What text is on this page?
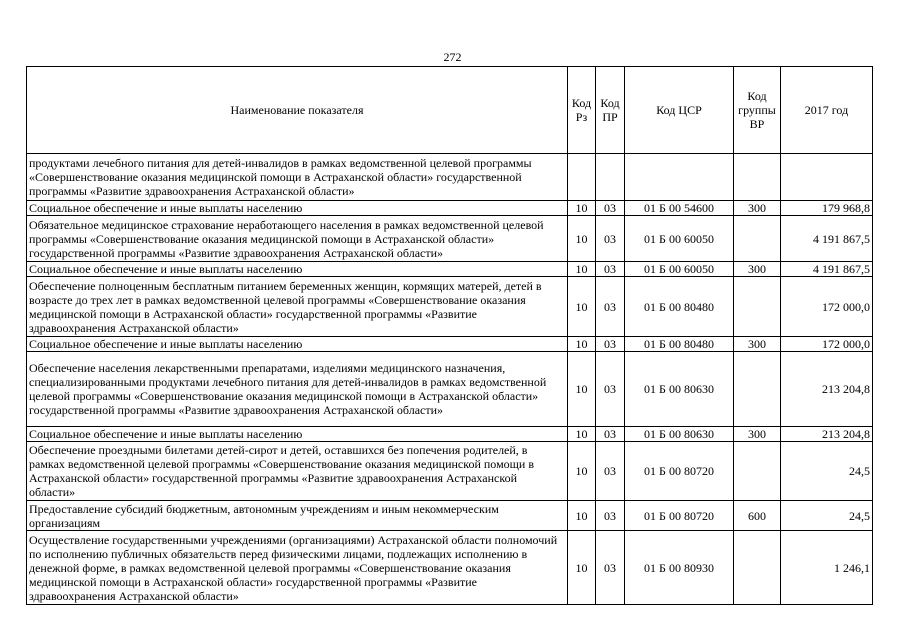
272
Наименование показателя	Код Рз	Код ПР	Код ЦСР	Код группы ВР	2017 год
продуктами лечебного питания для детей-инвалидов в рамках ведомственной целевой программы «Совершенствование оказания медицинской помощи в Астраханской области» государственной программы «Развитие здравоохранения Астраханской области»					
Социальное обеспечение и иные выплаты населению	10	03	01 Б 00 54600	300	179 968,8
Обязательное медицинское страхование неработающего населения в рамках ведомственной целевой программы «Совершенствование оказания медицинской помощи в Астраханской области» государственной программы «Развитие здравоохранения Астраханской области»	10	03	01 Б 00 60050		4 191 867,5
Социальное обеспечение и иные выплаты населению	10	03	01 Б 00 60050	300	4 191 867,5
Обеспечение полноценным бесплатным питанием беременных женщин, кормящих матерей, детей в возрасте до трех лет в рамках ведомственной целевой программы «Совершенствование оказания медицинской помощи в Астраханской области» государственной программы «Развитие здравоохранения Астраханской области»	10	03	01 Б 00 80480		172 000,0
Социальное обеспечение и иные выплаты населению	10	03	01 Б 00 80480	300	172 000,0
Обеспечение населения лекарственными препаратами, изделиями медицинского назначения, специализированными продуктами лечебного питания для детей-инвалидов в рамках ведомственной целевой программы «Совершенствование оказания медицинской помощи в Астраханской области» государственной программы «Развитие здравоохранения Астраханской области»	10	03	01 Б 00 80630		213 204,8
Социальное обеспечение и иные выплаты населению	10	03	01 Б 00 80630	300	213 204,8
Обеспечение проездными билетами детей-сирот и детей, оставшихся без попечения родителей, в рамках ведомственной целевой программы «Совершенствование оказания медицинской помощи в Астраханской области» государственной программы «Развитие здравоохранения Астраханской области»	10	03	01 Б 00 80720		24,5
Предоставление субсидий бюджетным, автономным учреждениям и иным некоммерческим организациям	10	03	01 Б 00 80720	600	24,5
Осуществление государственными учреждениями (организациями) Астраханской области полномочий по исполнению публичных обязательств перед физическими лицами, подлежащих исполнению в денежной форме, в рамках ведомственной целевой программы «Совершенствование оказания медицинской помощи в Астраханской области» государственной программы «Развитие здравоохранения Астраханской области»	10	03	01 Б 00 80930		1 246,1
